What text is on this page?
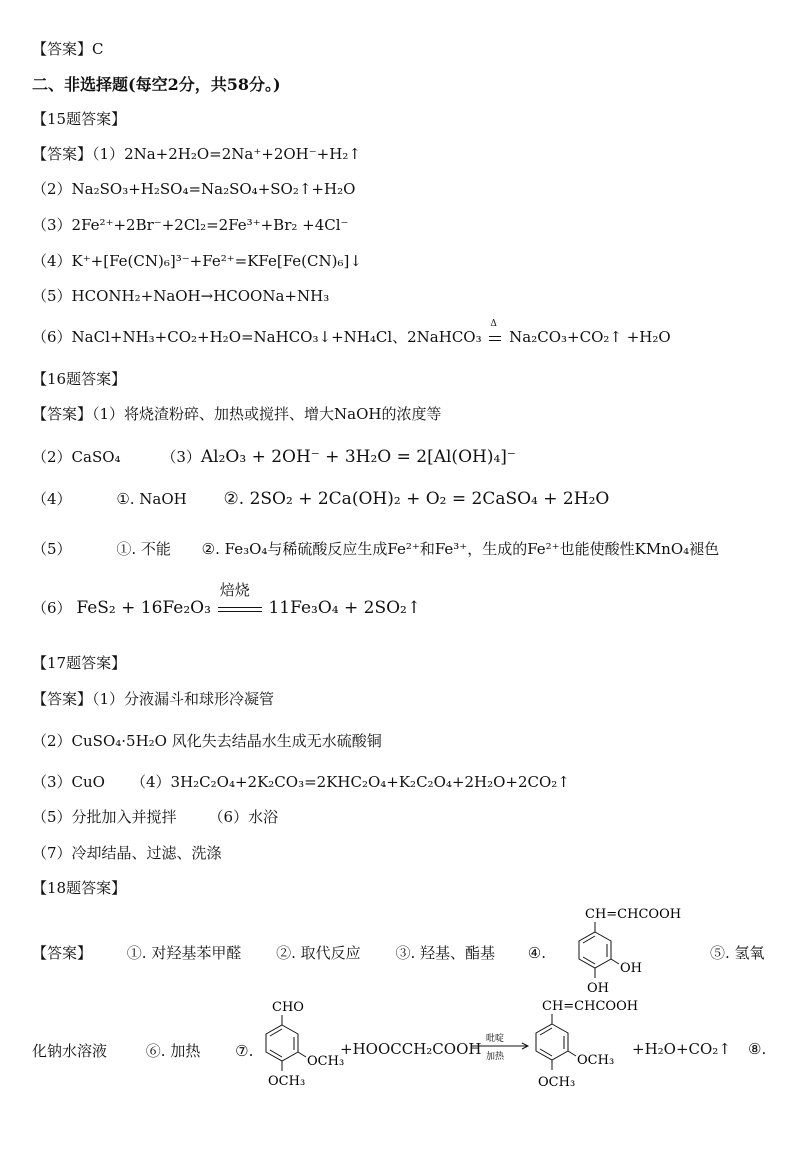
【答案】C
二、非选择题(每空2分，共58分。)
【15题答案】
【答案】（1）2Na+2H₂O=2Na⁺+2OH⁻+H₂↑
（2）Na₂SO₃+H₂SO₄=Na₂SO₄+SO₂↑+H₂O
（3）2Fe²⁺+2Br⁻+2Cl₂=2Fe³⁺+Br₂ +4Cl⁻
（4）K⁺+[Fe(CN)₆]³⁻+Fe²⁺=KFe[Fe(CN)₆]↓
（5）HCONH₂+NaOH→HCOONa+NH₃
（6）NaCl+NH₃+CO₂+H₂O=NaHCO₃↓+NH₄Cl、2NaHCO₃
Δ
Na₂CO₃+CO₂↑ +H₂O
【16题答案】
【答案】（1）将烧渣粉碎、加热或搅拌、增大NaOH的浓度等
（2）CaSO₄	（3）Al₂O₃ + 2OH⁻ + 3H₂O = 2[Al(OH)₄]⁻
（4）	①. NaOH ②. 2SO₂ + 2Ca(OH)₂ + O₂ = 2CaSO₄ + 2H₂O
（5）	①. 不能 ②. Fe₃O₄与稀硫酸反应生成Fe²⁺和Fe³⁺，生成的Fe²⁺也能使酸性KMnO₄褪色
（6） FeS₂ + 16Fe₂O₃
焙烧
11Fe₃O₄ + 2SO₂↑
【17题答案】
【答案】（1）分液漏斗和球形冷凝管
（2）CuSO₄·5H₂O 风化失去结晶水生成无水硫酸铜
（3）CuO （4）3H₂C₂O₄+2K₂CO₃=2KHC₂O₄+K₂C₂O₄+2H₂O+2CO₂↑
（5）分批加入并搅拌 （6）水浴
（7）冷却结晶、过滤、洗涤
【18题答案】
【答案】 ①. 对羟基苯甲醛 ②. 取代反应 ③. 羟基、酯基 ④.	⑤. 氢氧
CH=CHCOOH
OH
OH
化钠水溶液	⑥. 加热 ⑦.
CHO
OCH₃
OCH₃
+HOOCCH₂COOH
吡啶
加热
CH=CHCOOH
OCH₃
OCH₃
+H₂O+CO₂↑ ⑧.
